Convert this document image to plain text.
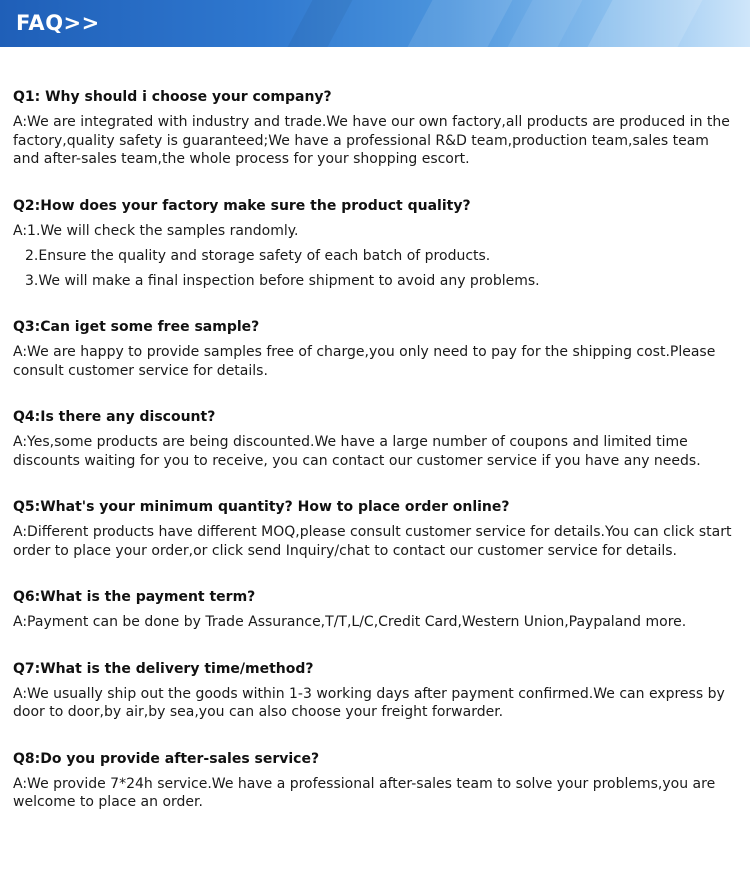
FAQ>>

Q1: Why should i choose your company?

A:We are integrated with industry and trade.We have our own factory,all products are produced in the factory,quality safety is guaranteed;We have a professional R&D team,production team,sales team and after-sales team,the whole process for your shopping escort.

Q2:How does your factory make sure the product quality?

A:1.We will check the samples randomly.

2.Ensure the quality and storage safety of each batch of products.

3.We will make a final inspection before shipment to avoid any problems.

Q3:Can iget some free sample?

A:We are happy to provide samples free of charge,you only need to pay for the shipping cost.Please consult customer service for details.

Q4:Is there any discount?

A:Yes,some products are being discounted.We have a large number of coupons and limited time discounts waiting for you to receive, you can contact our customer service if you have any needs.

Q5:What's your minimum quantity? How to place order online?

A:Different products have different MOQ,please consult customer service for details.You can click start order to place your order,or click send Inquiry/chat to contact our customer service for details.

Q6:What is the payment term?

A:Payment can be done by Trade Assurance,T/T,L/C,Credit Card,Western Union,Paypaland more.

Q7:What is the delivery time/method?

A:We usually ship out the goods within 1-3 working days after payment confirmed.We can express by door to door,by air,by sea,you can also choose your freight forwarder.

Q8:Do you provide after-sales service?

A:We provide 7*24h service.We have a professional after-sales team to solve your problems,you are welcome to place an order.
